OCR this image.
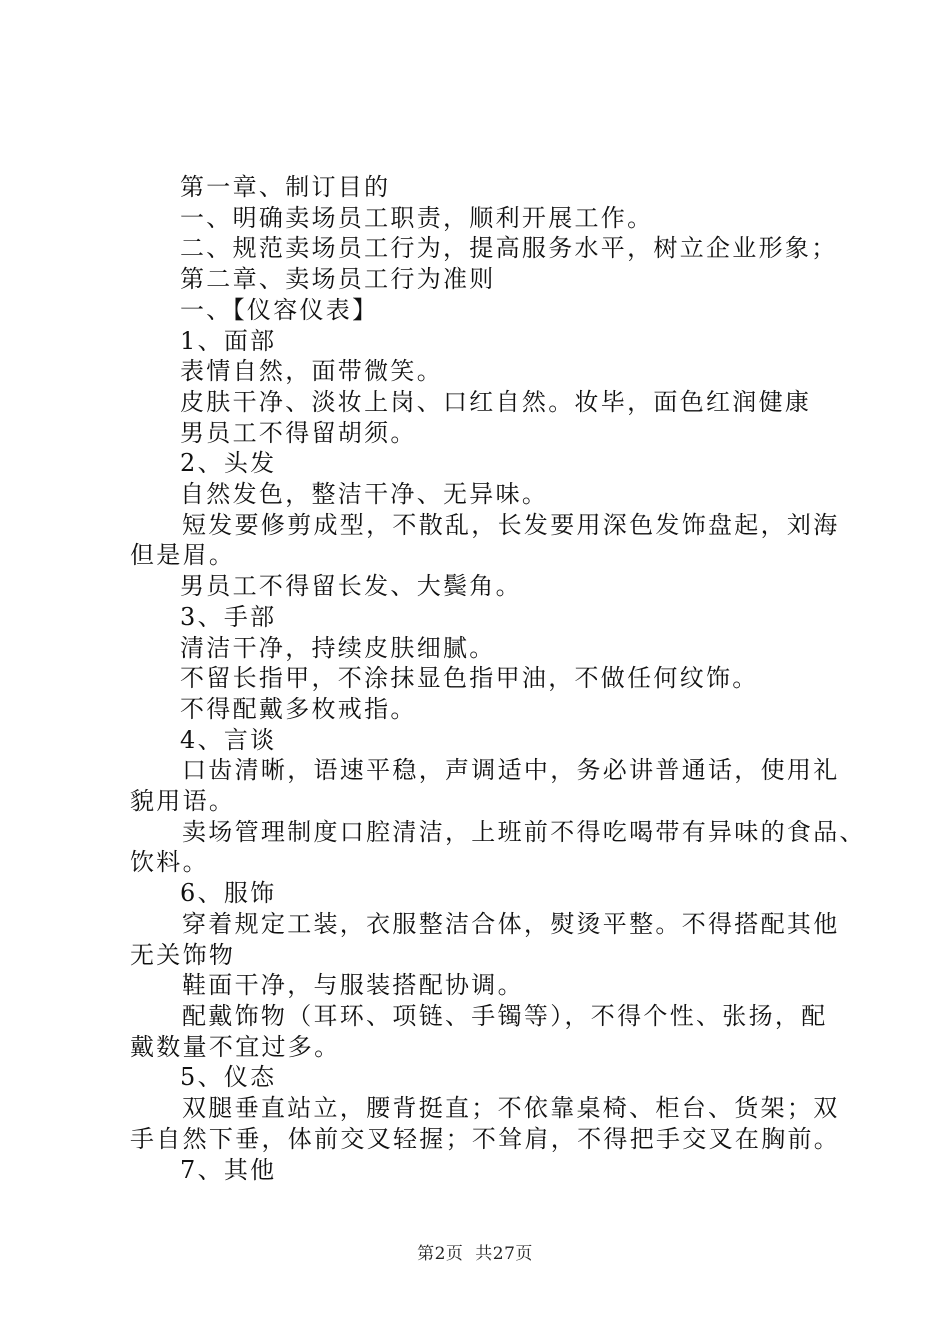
第一章、制订目的

一、明确卖场员工职责，顺利开展工作。

二、规范卖场员工行为，提高服务水平，树立企业形象；

第二章、卖场员工行为准则

一、【仪容仪表】

1、面部

表情自然，面带微笑。

皮肤干净、淡妆上岗、口红自然。妆毕，面色红润健康

男员工不得留胡须。

2、头发

自然发色，整洁干净、无异味。

短发要修剪成型，不散乱，长发要用深色发饰盘起，刘海

但是眉。

男员工不得留长发、大鬓角。

3、手部

清洁干净，持续皮肤细腻。

不留长指甲，不涂抹显色指甲油，不做任何纹饰。

不得配戴多枚戒指。

4、言谈

口齿清晰，语速平稳，声调适中，务必讲普通话，使用礼

貌用语。

卖场管理制度口腔清洁，上班前不得吃喝带有异味的食品、

饮料。

6、服饰

穿着规定工装，衣服整洁合体，熨烫平整。不得搭配其他

无关饰物

鞋面干净，与服装搭配协调。

配戴饰物（耳环、项链、手镯等），不得个性、张扬，配

戴数量不宜过多。

5、仪态

双腿垂直站立，腰背挺直；不依靠桌椅、柜台、货架；双

手自然下垂，体前交叉轻握；不耸肩，不得把手交叉在胸前。

7、其他

第2页 共27页
